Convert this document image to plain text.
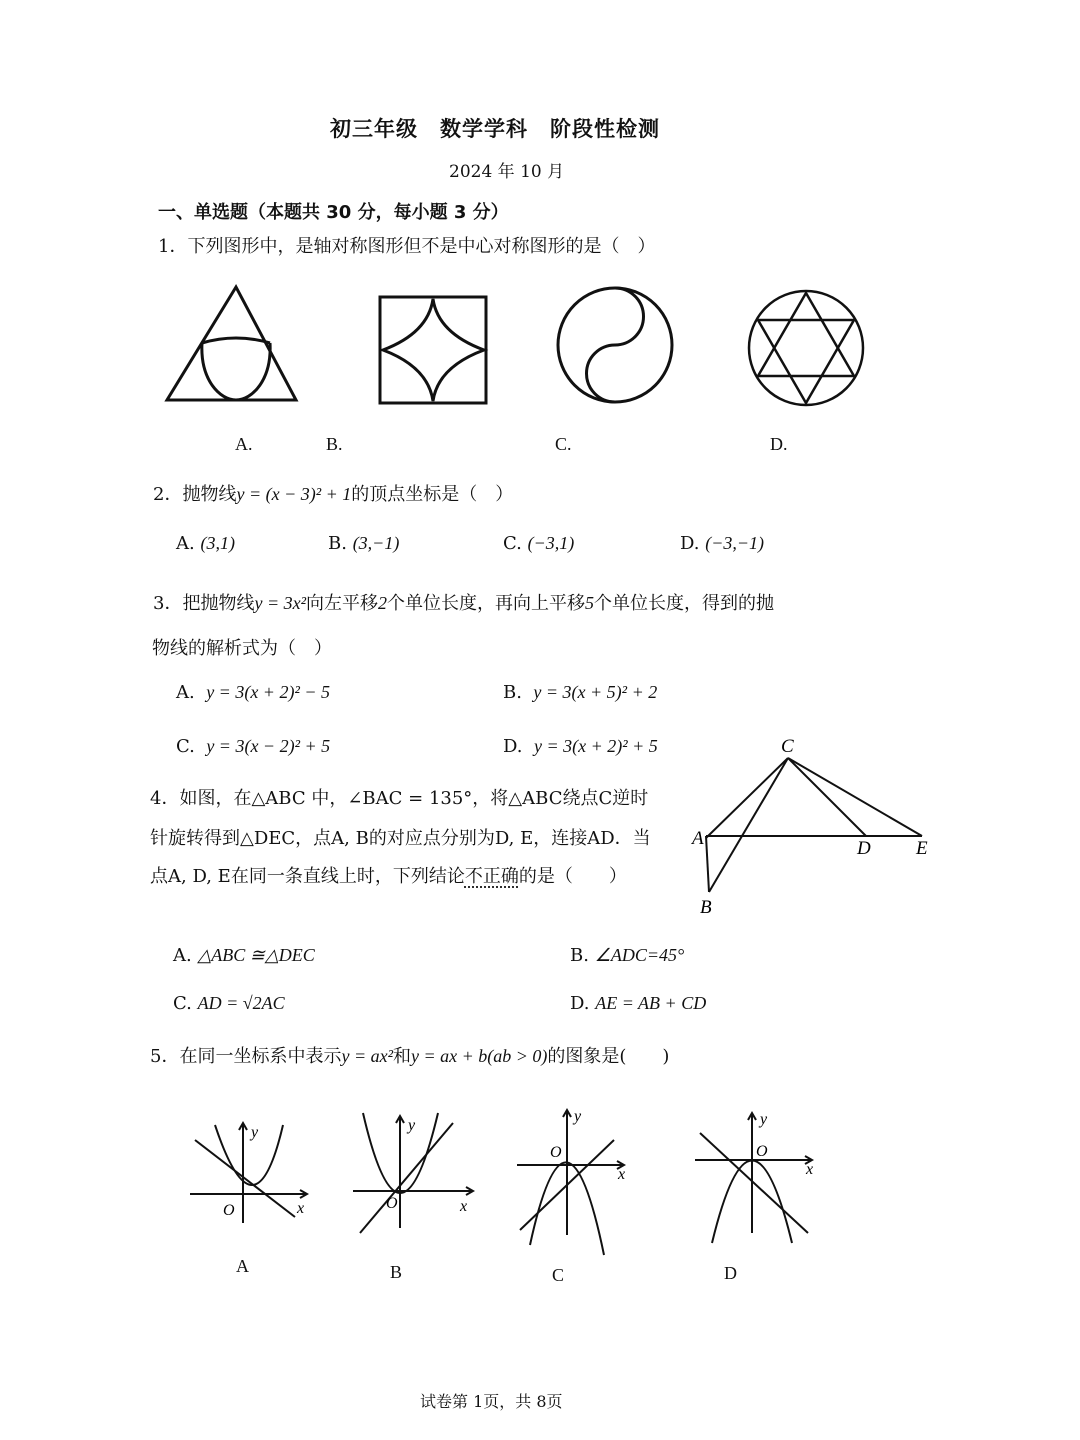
初三年级　数学学科　阶段性检测
2024 年 10 月
一、单选题（本题共 30 分，每小题 3 分）
1．下列图形中，是轴对称图形但不是中心对称图形的是（　）
A.	B.	C.	D.
2．抛物线y = (x − 3)² + 1的顶点坐标是（　）
A. (3,1)	B. (3,−1)	C. (−3,1)	D. (−3,−1)
3．把抛物线y = 3x²向左平移2个单位长度，再向上平移5个单位长度，得到的抛
物线的解析式为（　）
A. y = 3(x + 2)² − 5	B. y = 3(x + 5)² + 2
C. y = 3(x − 2)² + 5	D. y = 3(x + 2)² + 5
4．如图，在△ABC 中，∠BAC = 135°，将△ABC绕点C逆时
针旋转得到△DEC，点A, B的对应点分别为D, E，连接AD．当
点A, D, E在同一条直线上时，下列结论不正确的是（　　）
C
A	D E
B
A. △ABC ≅△DEC	B. ∠ADC=45°
C. AD = √2AC	D. AE = AB + CD
5．在同一坐标系中表示y = ax²和y = ax + b(ab > 0)的图象是(　　)
y
x
O
y
x
O
y
x
O
y
x
O
A	B	C	D
试卷第 1页，共 8页
